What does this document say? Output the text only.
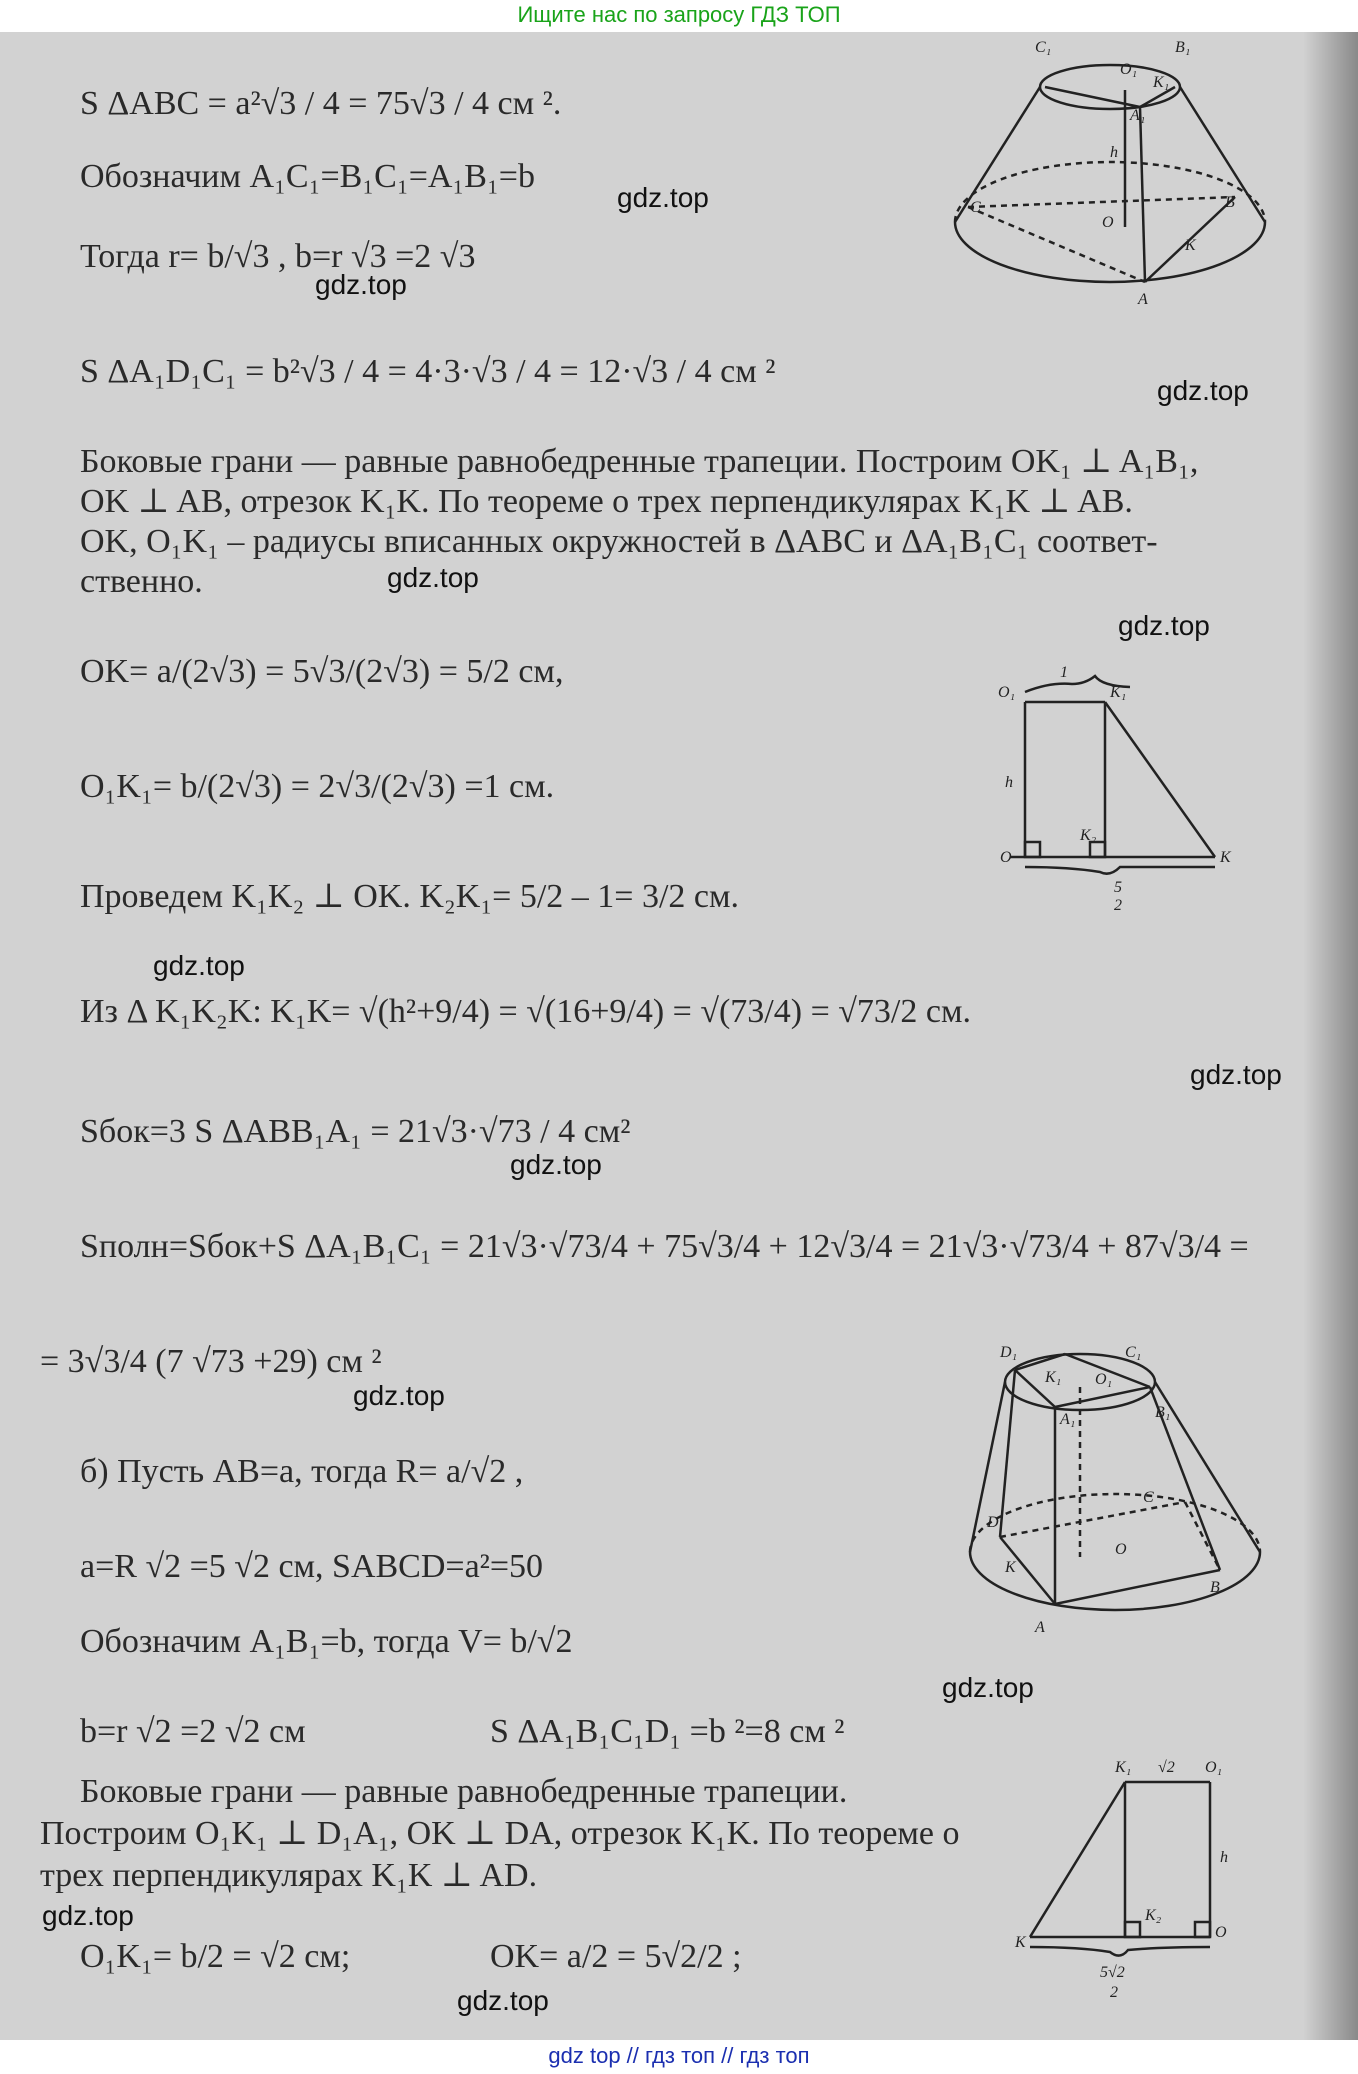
Ищите нас по запросу ГДЗ ТОП
S ΔABC = a²√3 / 4 = 75√3 / 4 см ².
Обозначим A₁C₁=B₁C₁=A₁B₁=b
Тогда r= b/√3 , b=r √3 =2 √3
S ΔA₁D₁C₁ = b²√3 / 4 = 4·3·√3 / 4 = 12·√3 / 4 см ²
Боковые грани — равные равнобедренные трапеции. Построим OK₁ ⊥ A₁B₁,
OK ⊥ AB, отрезок K₁K. По теореме о трех перпендикулярах K₁K ⊥ AB.
OK, O₁K₁ – радиусы вписанных окружностей в ΔABC и ΔA₁B₁C₁ соответ-
ственно.
OK= a/(2√3) = 5√3/(2√3) = 5/2 см,
O₁K₁= b/(2√3) = 2√3/(2√3) =1 см.
Проведем K₁K₂ ⊥ OK. K₂K₁= 5/2 – 1= 3/2 см.
Из Δ K₁K₂K: K₁K= √(h²+9/4) = √(16+9/4) = √(73/4) = √73/2 см.
Sбок=3 S ΔABB₁A₁ = 21√3·√73 / 4 см²
Sполн=Sбок+S ΔA₁B₁C₁ = 21√3·√73/4 + 75√3/4 + 12√3/4 = 21√3·√73/4 + 87√3/4 =
= 3√3/4 (7 √73 +29) см ²
б) Пусть AB=a, тогда R= a/√2 ,
a=R √2 =5 √2 см, SABCD=a²=50
Обозначим A₁B₁=b, тогда V= b/√2
b=r √2 =2 √2 см	S ΔA₁B₁C₁D₁ =b ²=8 см ²
Боковые грани — равные равнобедренные трапеции.
Построим O₁K₁ ⊥ D₁A₁, OK ⊥ DA, отрезок K₁K. По теореме о
трех перпендикулярах K₁K ⊥ AD.
O₁K₁= b/2 = √2 см;	OK= a/2 = 5√2/2 ;
gdz.top
gdz.top
gdz.top
gdz.top
gdz.top
gdz.top
gdz.top
gdz.top
gdz.top
gdz.top
gdz.top
gdz.top
C₁
O₁
B₁
K₁
A₁
h
C	B
O
K
A
O₁
1
K₁
h
O
K₂
K
5
2
D₁	C₁
K₁ O₁
A₁	B₁
D
C
K
O
B
A
K₁ √2 O₁
h
K
K₂
O
5√2
2
gdz top // гдз топ // гдз топ
